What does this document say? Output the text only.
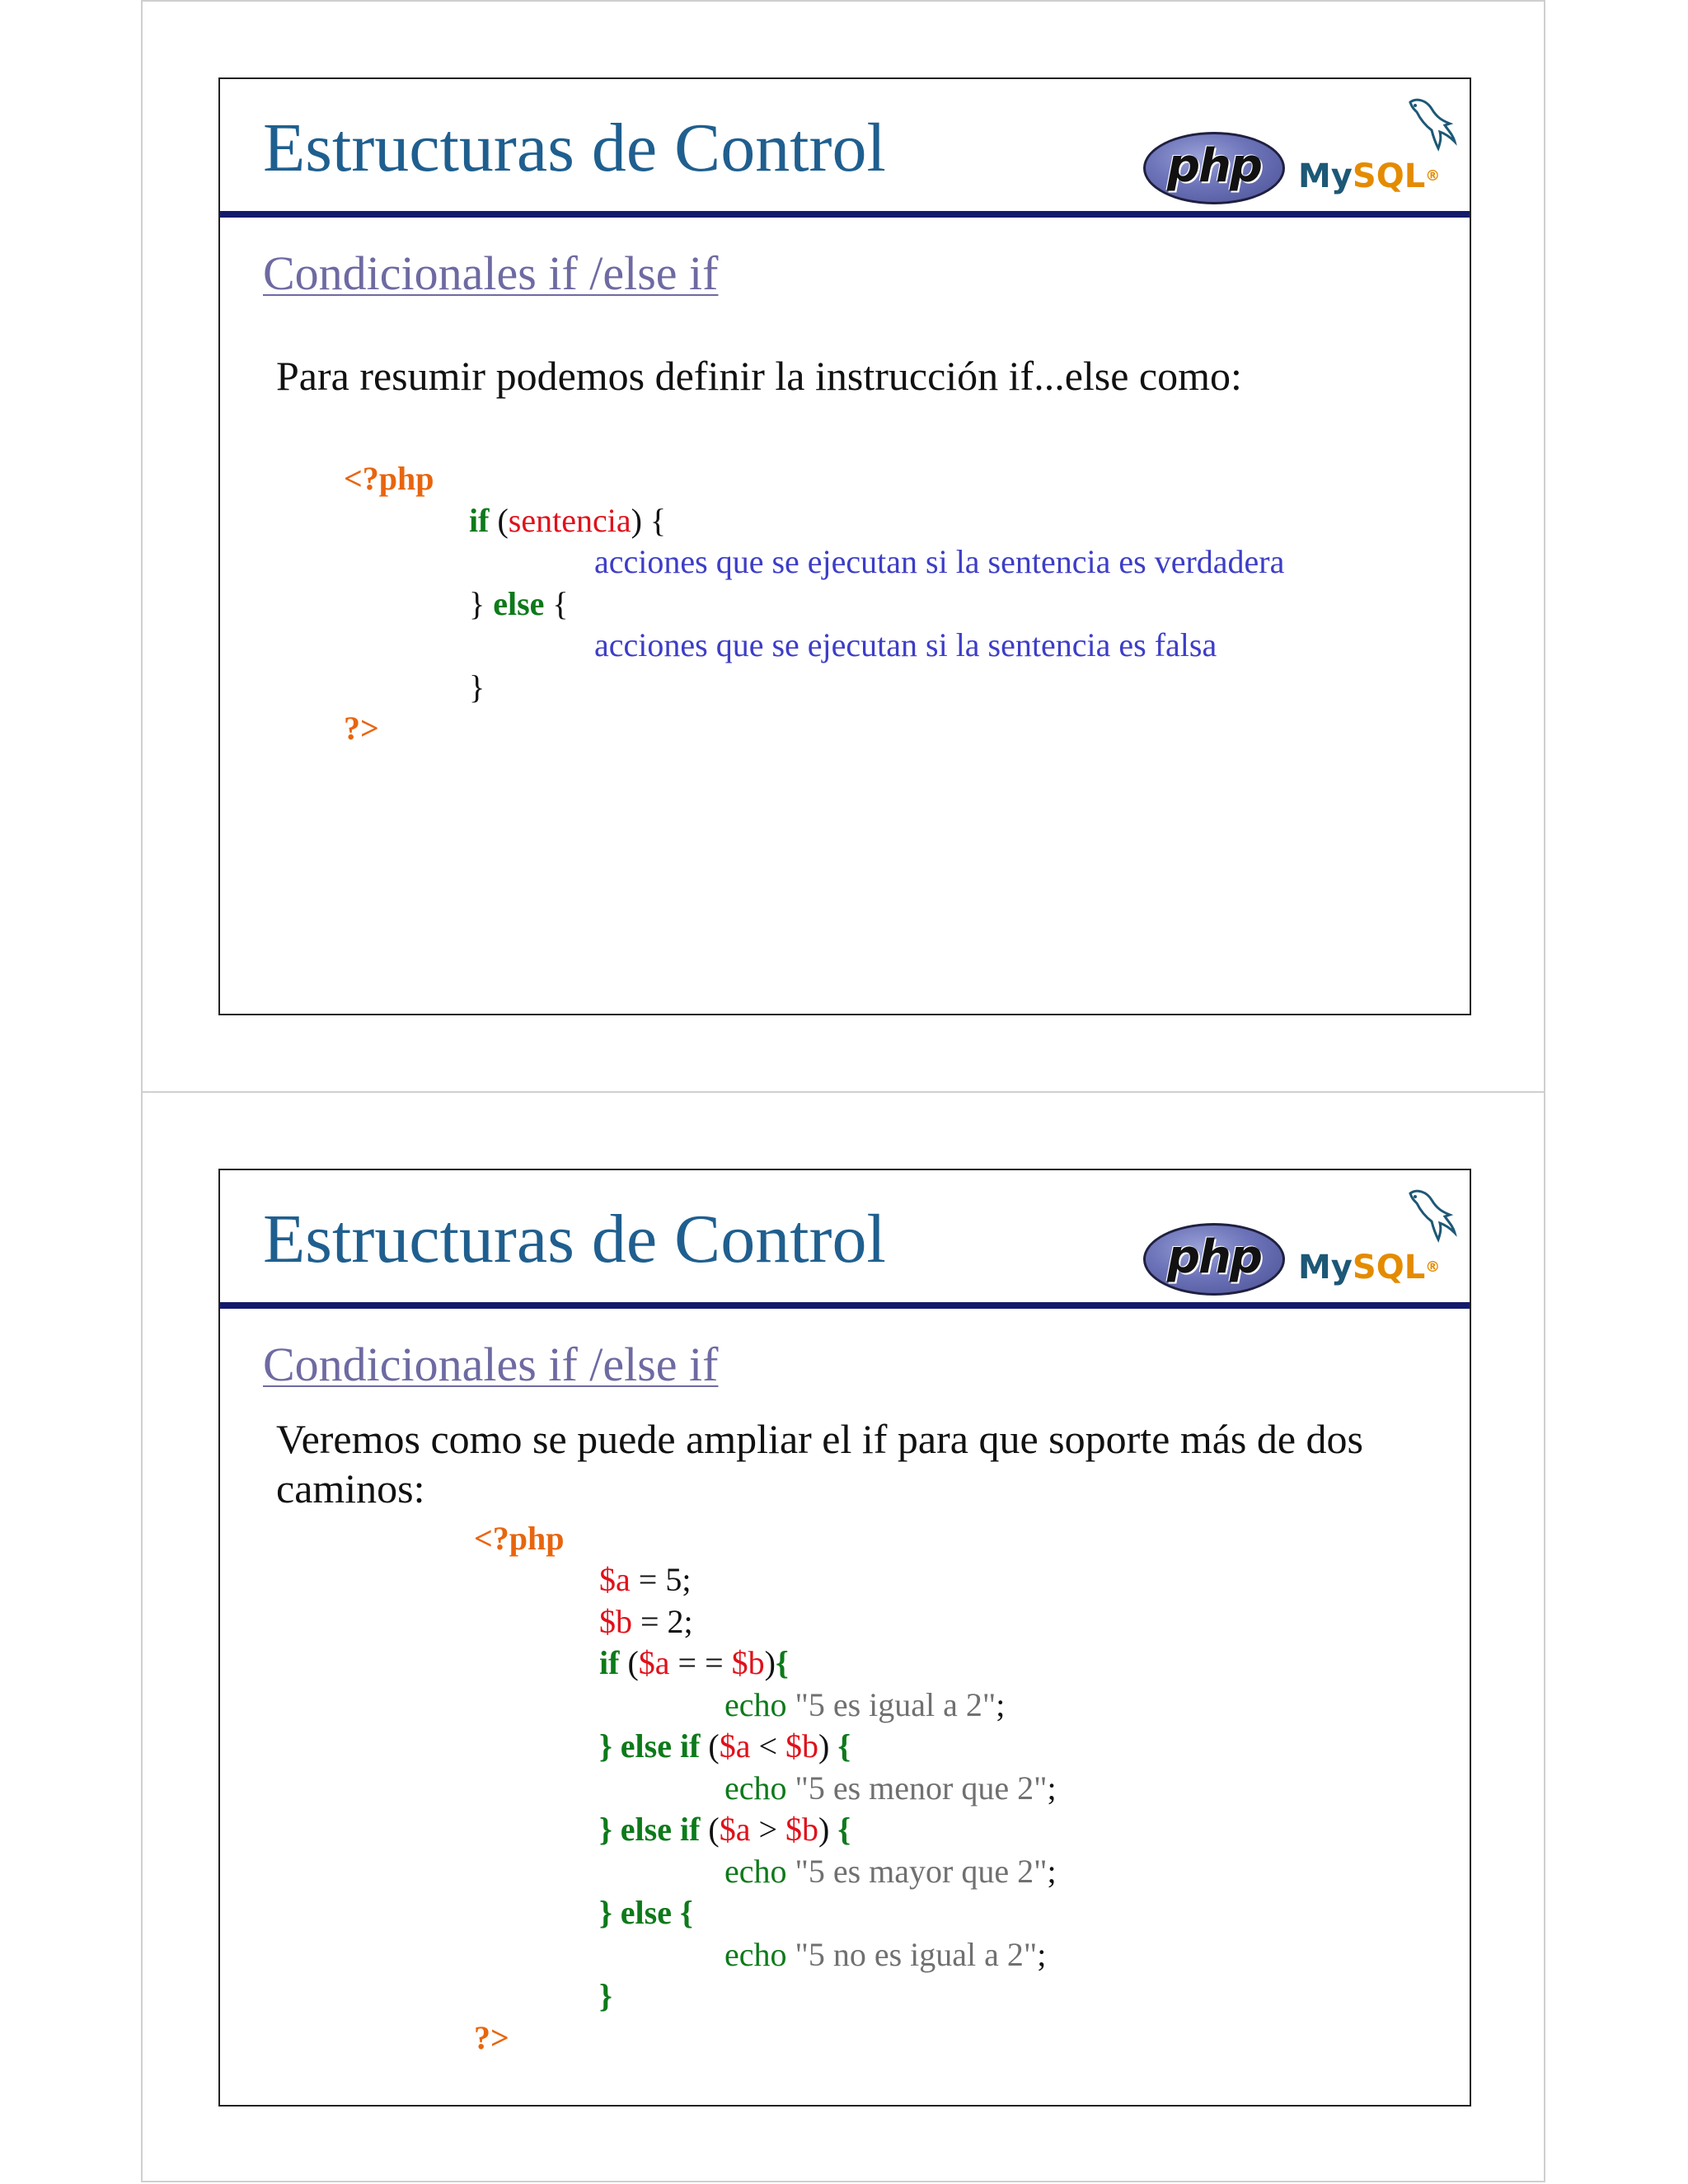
Estructuras de Control	php	MySQL®
Condicionales if /else if
Para resumir podemos definir la instrucción if...else como:
<?php
if (sentencia) {
acciones que se ejecutan si la sentencia es verdadera
} else {
acciones que se ejecutan si la sentencia es falsa
}
?>
Estructuras de Control	php	MySQL®
Condicionales if /else if
Veremos como se puede ampliar el if para que soporte más de dos
caminos:
<?php
$a = 5;
$b = 2;
if ($a = = $b){
echo "5 es igual a 2";
} else if ($a < $b) {
echo "5 es menor que 2";
} else if ($a > $b) {
echo "5 es mayor que 2";
} else {
echo "5 no es igual a 2";
}
?>
